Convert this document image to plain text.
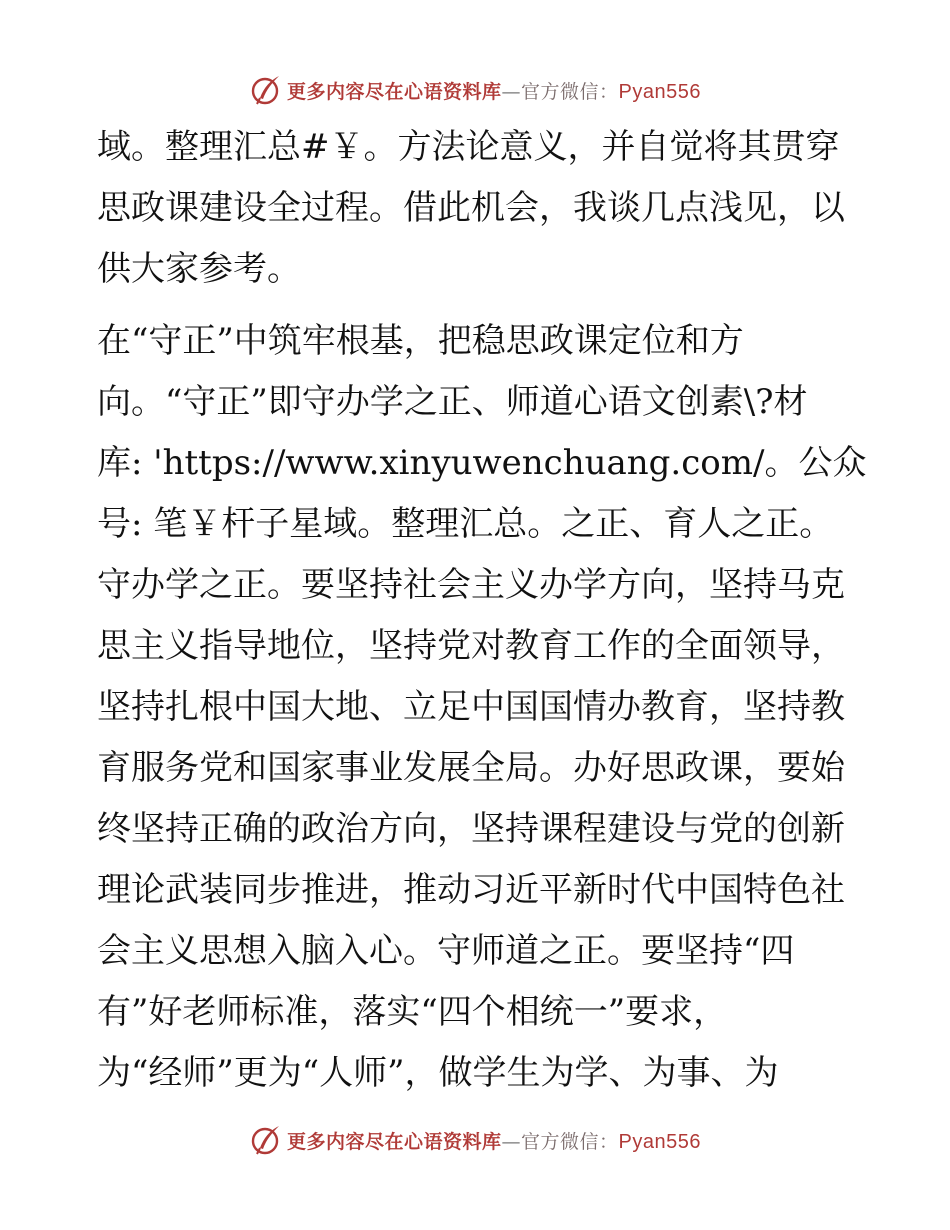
更多内容尽在心语资料库—官方微信：Pyan556
域。整理汇总#￥。方法论意义，并自觉将其贯穿
思政课建设全过程。借此机会，我谈几点浅见，以
供大家参考。
在“守正”中筑牢根基，把稳思政课定位和方
向。“守正”即守办学之正、师道心语文创素\?材
库: 'https://www.xinyuwenchuang.com/。公众
号: 笔￥杆子星域。整理汇总。之正、育人之正。
守办学之正。要坚持社会主义办学方向，坚持马克
思主义指导地位，坚持党对教育工作的全面领导，
坚持扎根中国大地、立足中国国情办教育，坚持教
育服务党和国家事业发展全局。办好思政课，要始
终坚持正确的政治方向，坚持课程建设与党的创新
理论武装同步推进，推动习近平新时代中国特色社
会主义思想入脑入心。守师道之正。要坚持“四
有”好老师标准，落实“四个相统一”要求，
为“经师”更为“人师”，做学生为学、为事、为
更多内容尽在心语资料库—官方微信：Pyan556
